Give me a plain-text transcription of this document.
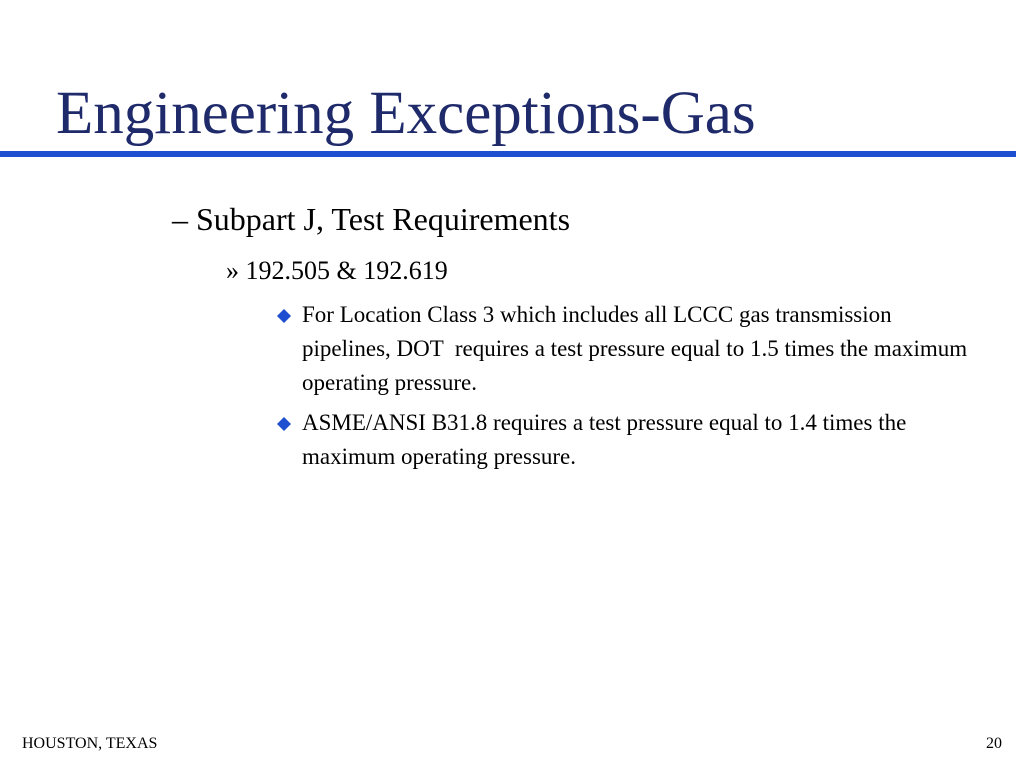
Engineering Exceptions-Gas
– Subpart J, Test Requirements
» 192.505 & 192.619
For Location Class 3 which includes all LCCC gas transmission pipelines, DOT  requires a test pressure equal to 1.5 times the maximum operating pressure.
ASME/ANSI B31.8 requires a test pressure equal to 1.4 times the maximum operating pressure.
HOUSTON, TEXAS	20
